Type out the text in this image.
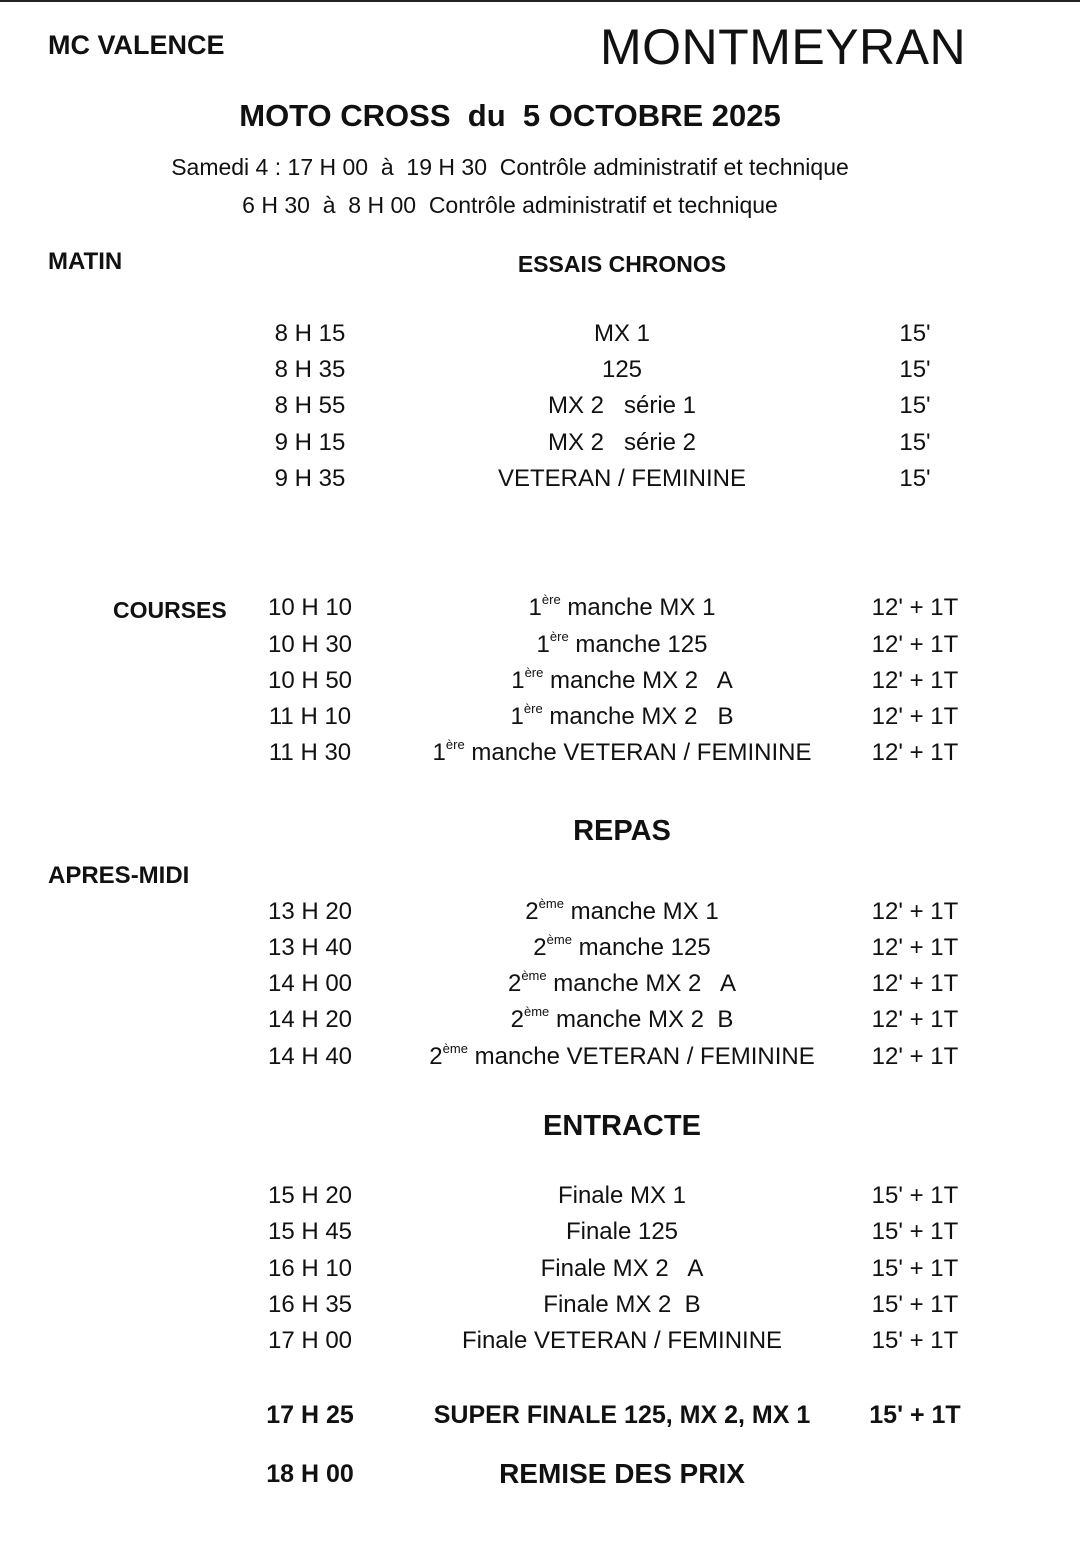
MC VALENCE	MONTMEYRAN
MOTO CROSS  du  5 OCTOBRE 2025
Samedi 4 : 17 H 00  à  19 H 30  Contrôle administratif et technique
6 H 30  à  8 H 00  Contrôle administratif et technique
MATIN	ESSAIS CHRONOS
8 H 15	MX 1	15'
8 H 35	125	15'
8 H 55	MX 2   série 1	15'
9 H 15	MX 2   série 2	15'
9 H 35	VETERAN / FEMININE	15'
COURSES	10 H 10	1ère manche MX 1	12' + 1T
10 H 30	1ère manche 125	12' + 1T
10 H 50	1ère manche MX 2   A	12' + 1T
11 H 10	1ère manche MX 2   B	12' + 1T
11 H 30	1ère manche VETERAN / FEMININE	12' + 1T
REPAS
APRES-MIDI
13 H 20	2ème manche MX 1	12' + 1T
13 H 40	2ème manche 125	12' + 1T
14 H 00	2ème manche MX 2   A	12' + 1T
14 H 20	2ème manche MX 2  B	12' + 1T
14 H 40	2ème manche VETERAN / FEMININE	12' + 1T
ENTRACTE
15 H 20	Finale MX 1	15' + 1T
15 H 45	Finale 125	15' + 1T
16 H 10	Finale MX 2   A	15' + 1T
16 H 35	Finale MX 2  B	15' + 1T
17 H 00	Finale VETERAN / FEMININE	15' + 1T
17 H 25	SUPER FINALE 125, MX 2, MX 1	15' + 1T
18 H 00	REMISE DES PRIX
